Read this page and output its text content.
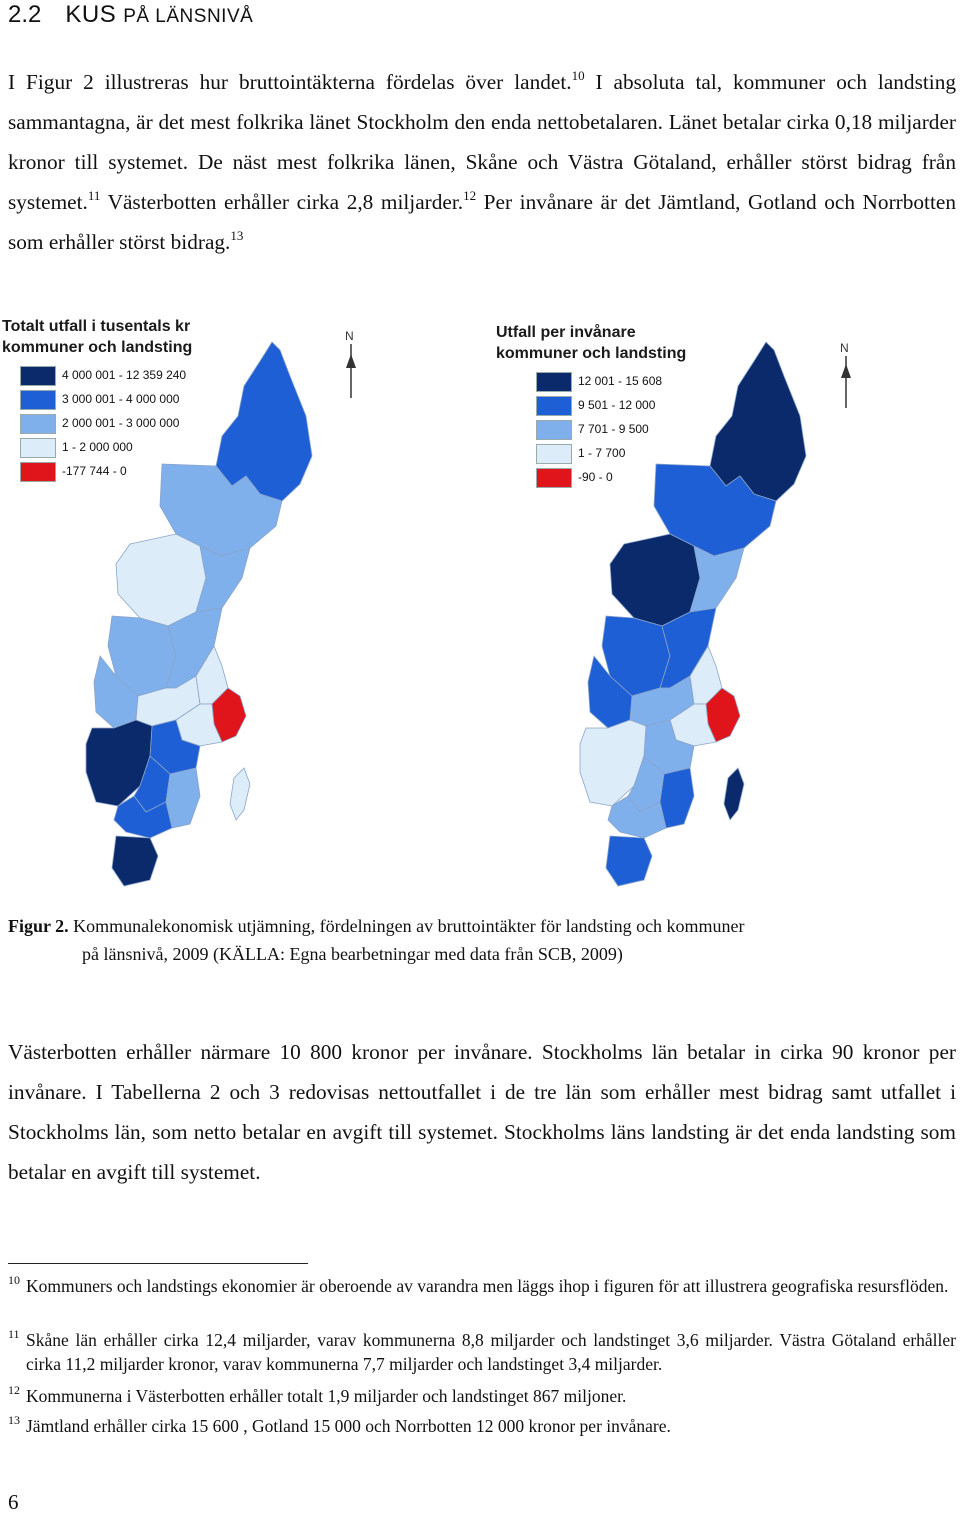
2.2 KUS PÅ LÄNSNIVÅ
I Figur 2 illustreras hur bruttointäkterna fördelas över landet.$^{10}$ I absoluta tal, kommuner och landsting sammantagna, är det mest folkrika länet Stockholm den enda nettobetalaren. Länet betalar cirka 0,18 miljarder kronor till systemet. De näst mest folkrika länen, Skåne och Västra Götaland, erhåller störst bidrag från systemet.$^{11}$ Västerbotten erhåller cirka 2,8 miljarder.$^{12}$ Per invånare är det Jämtland, Gotland och Norrbotten som erhåller störst bidrag.$^{13}$
N
Totalt utfall i tusentals kr
kommuner och landsting
4 000 001 - 12 359 240
3 000 001 - 4 000 000
2 000 001 - 3 000 000
1 - 2 000 000
-177 744 - 0
N
Utfall per invånare
kommuner och landsting
12 001 - 15 608
9 501 - 12 000
7 701 - 9 500
1 - 7 700
-90 - 0
Figur 2. Kommunalekonomisk utjämning, fördelningen av bruttointäkter för landsting och kommuner
på länsnivå, 2009 (KÄLLA: Egna bearbetningar med data från SCB, 2009)
Västerbotten erhåller närmare 10 800 kronor per invånare. Stockholms län betalar in cirka 90 kronor per invånare. I Tabellerna 2 och 3 redovisas nettoutfallet i de tre län som erhåller mest bidrag samt utfallet i Stockholms län, som netto betalar en avgift till systemet. Stockholms läns landsting är det enda landsting som betalar en avgift till systemet.
10 Kommuners och landstings ekonomier är oberoende av varandra men läggs ihop i figuren för att illustrera geografiska resursflöden.
11 Skåne län erhåller cirka 12,4 miljarder, varav kommunerna 8,8 miljarder och landstinget 3,6 miljarder. Västra Götaland erhåller cirka 11,2 miljarder kronor, varav kommunerna 7,7 miljarder och landstinget 3,4 miljarder.
12 Kommunerna i Västerbotten erhåller totalt 1,9 miljarder och landstinget 867 miljoner.
13 Jämtland erhåller cirka 15 600 , Gotland 15 000 och Norrbotten 12 000 kronor per invånare.
6
